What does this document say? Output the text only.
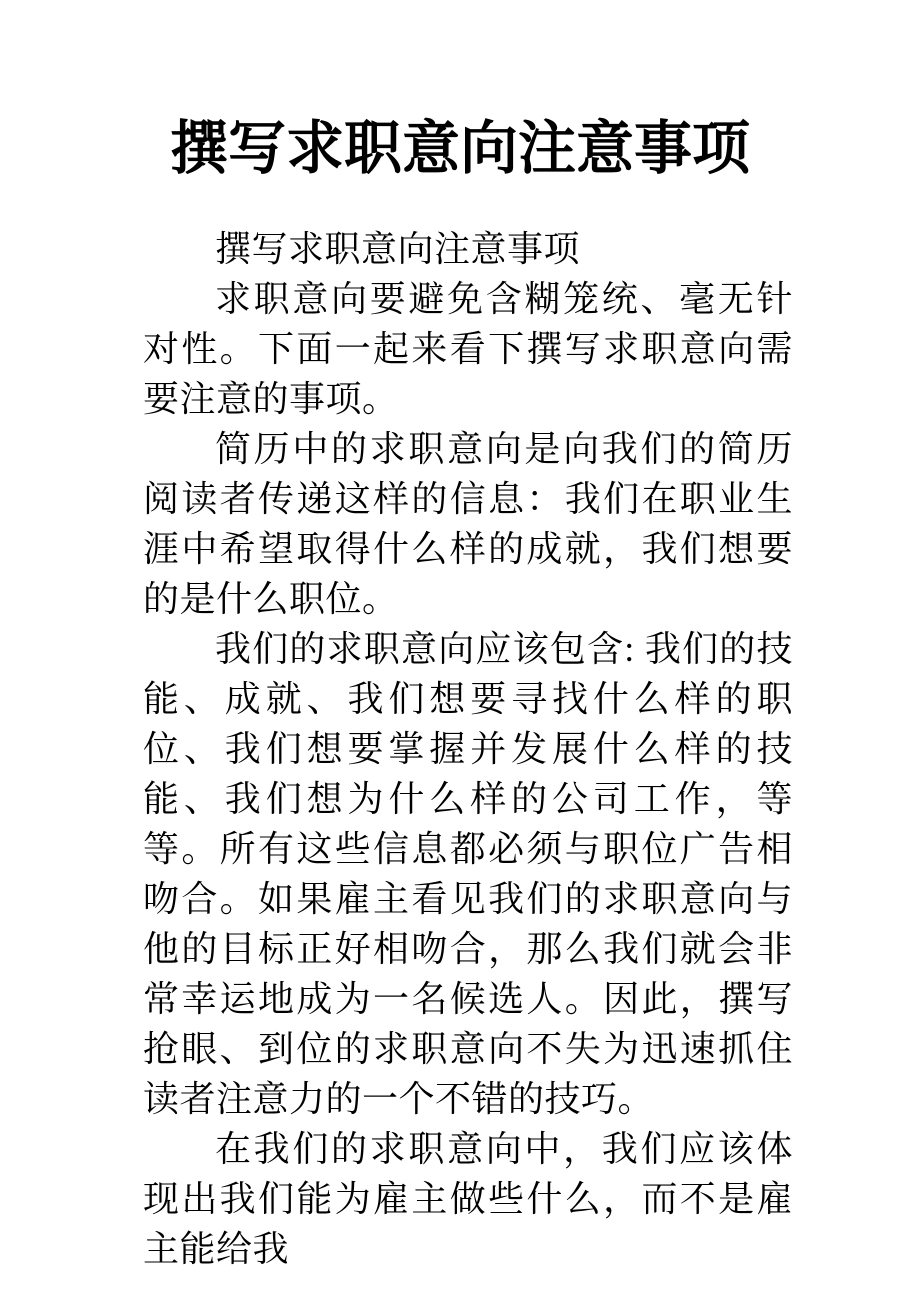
撰写求职意向注意事项

撰写求职意向注意事项

求职意向要避免含糊笼统、毫无针对性。下面一起来看下撰写求职意向需要注意的事项。

简历中的求职意向是向我们的简历阅读者传递这样的信息：我们在职业生涯中希望取得什么样的成就，我们想要的是什么职位。

我们的求职意向应该包含: 我们的技能、成就、我们想要寻找什么样的职位、我们想要掌握并发展什么样的技能、我们想为什么样的公司工作，等等。所有这些信息都必须与职位广告相吻合。如果雇主看见我们的求职意向与他的目标正好相吻合，那么我们就会非常幸运地成为一名候选人。因此，撰写抢眼、到位的求职意向不失为迅速抓住读者注意力的一个不错的技巧。

在我们的求职意向中，我们应该体现出我们能为雇主做些什么，而不是雇主能给我
